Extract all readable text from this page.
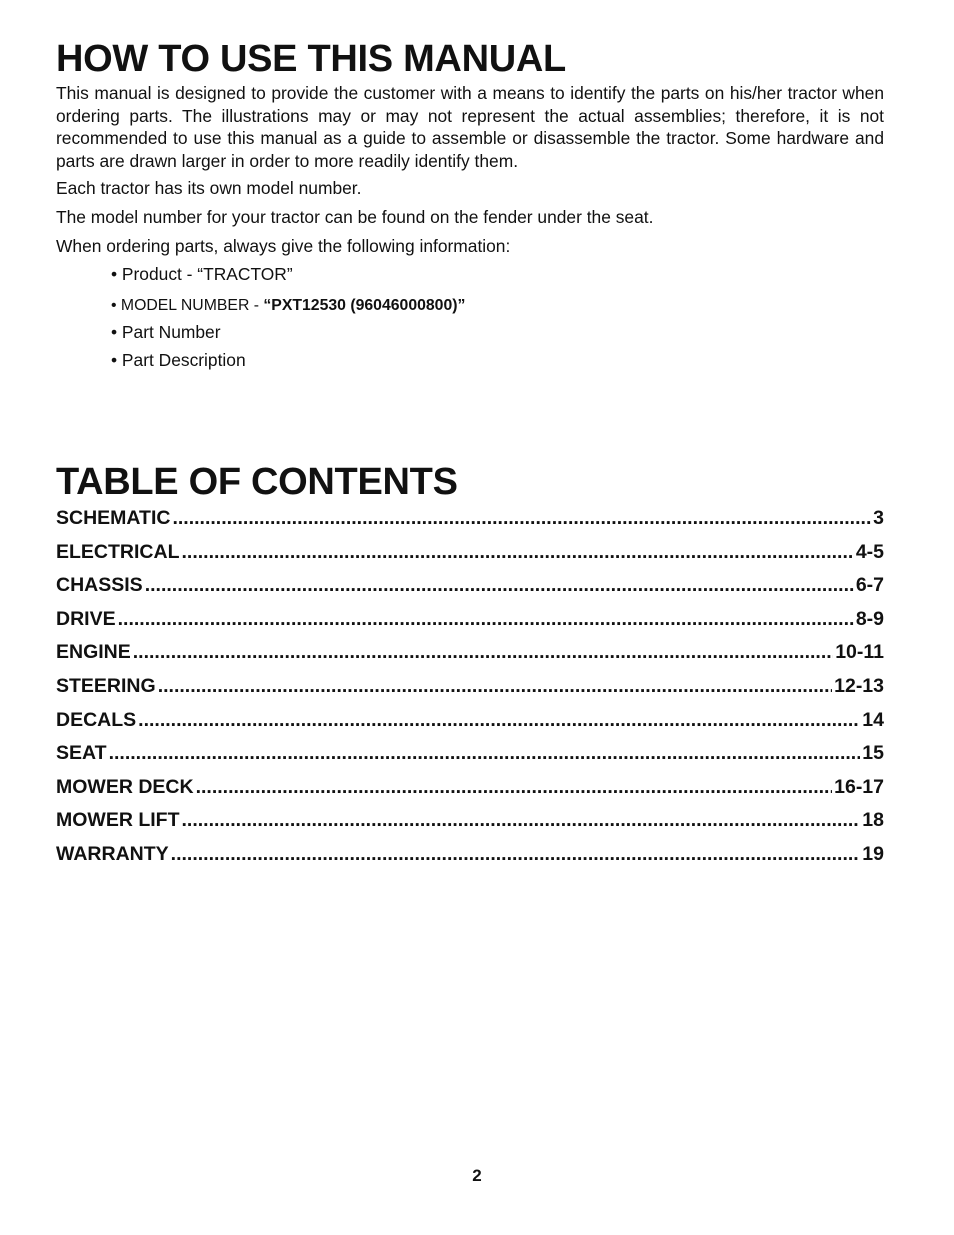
HOW TO USE THIS MANUAL

This manual is designed to provide the customer with a means to identify the parts on his/her tractor when ordering parts. The illustrations may or may not represent the actual assemblies; therefore, it is not recommended to use this manual as a guide to assemble or disassemble the tractor. Some hardware and parts are drawn larger in order to more readily identify them.

Each tractor has its own model number.

The model number for your tractor can be found on the fender under the seat.

When ordering parts, always give the following information:

• Product - “TRACTOR”
• MODEL NUMBER - “PXT12530 (96046000800)”
• Part Number
• Part Description
TABLE OF CONTENTS
SCHEMATIC .....	3
ELECTRICAL .....	4-5
CHASSIS .....	6-7
DRIVE .....	8-9
ENGINE .....	10-11
STEERING .....	12-13
DECALS .....	14
SEAT .....	15
MOWER DECK .....	16-17
MOWER LIFT .....	18
WARRANTY .....	19
2
